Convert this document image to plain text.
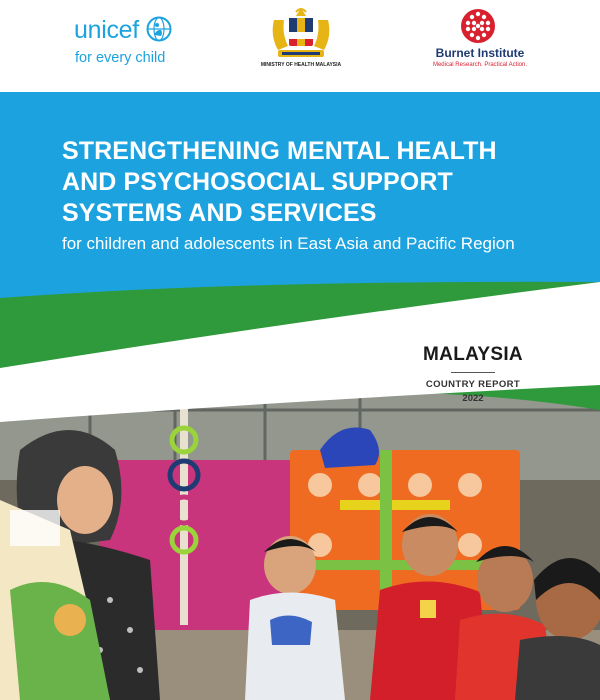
unicef
for every child	MINISTRY OF HEALTH MALAYSIA
Burnet Institute
Medical Research. Practical Action.
STRENGTHENING MENTAL HEALTH
AND PSYCHOSOCIAL SUPPORT
SYSTEMS AND SERVICES
for children and adolescents in East Asia and Pacific Region
MALAYSIA
COUNTRY REPORT
2022
